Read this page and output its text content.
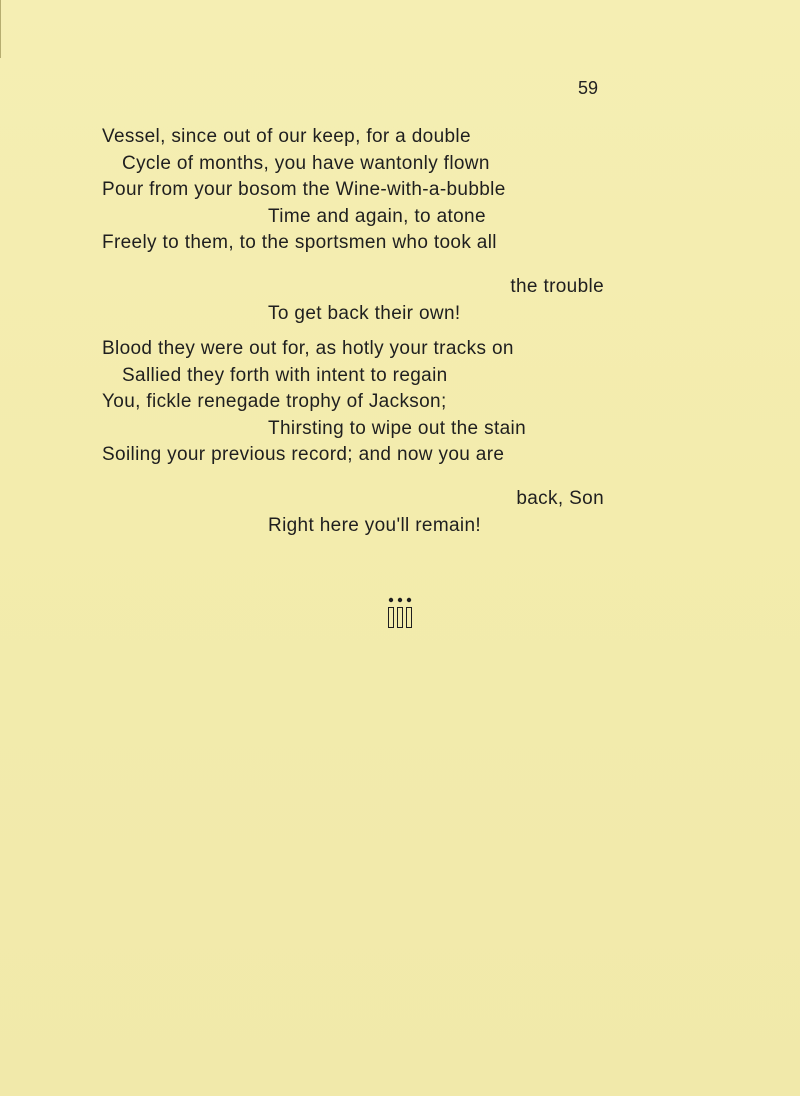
59
Vessel, since out of our keep, for a double
Cycle of months, you have wantonly flown
Pour from your bosom the Wine-with-a-bubble
Time and again, to atone
Freely to them, to the sportsmen who took all
the trouble
To get back their own!
Blood they were out for, as hotly your tracks on
Sallied they forth with intent to regain
You, fickle renegade trophy of Jackson;
Thirsting to wipe out the stain
Soiling your previous record; and now you are
back, Son
Right here you'll remain!
